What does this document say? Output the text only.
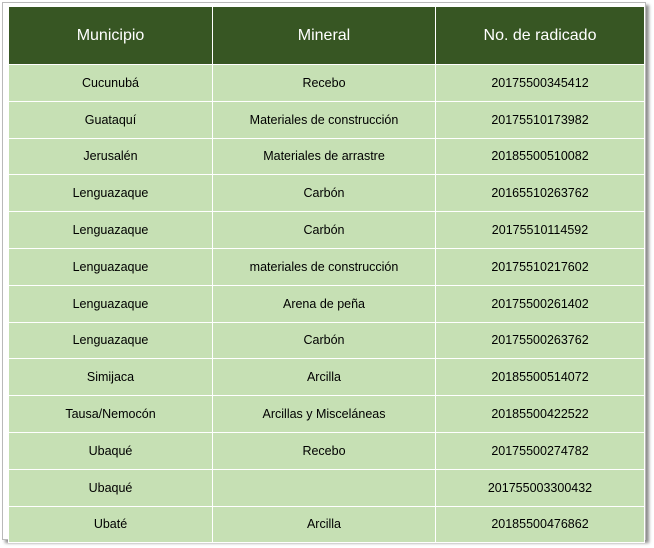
Municipio	Mineral	No. de radicado
Cucunubá	Recebo	20175500345412
Guataquí	Materiales de construcción	20175510173982
Jerusalén	Materiales de arrastre	20185500510082
Lenguazaque	Carbón	20165510263762
Lenguazaque	Carbón	20175510114592
Lenguazaque	materiales de construcción	20175510217602
Lenguazaque	Arena de peña	20175500261402
Lenguazaque	Carbón	20175500263762
Simijaca	Arcilla	20185500514072
Tausa/Nemocón	Arcillas y Misceláneas	20185500422522
Ubaqué	Recebo	20175500274782
Ubaqué		201755003300432
Ubaté	Arcilla	20185500476862
